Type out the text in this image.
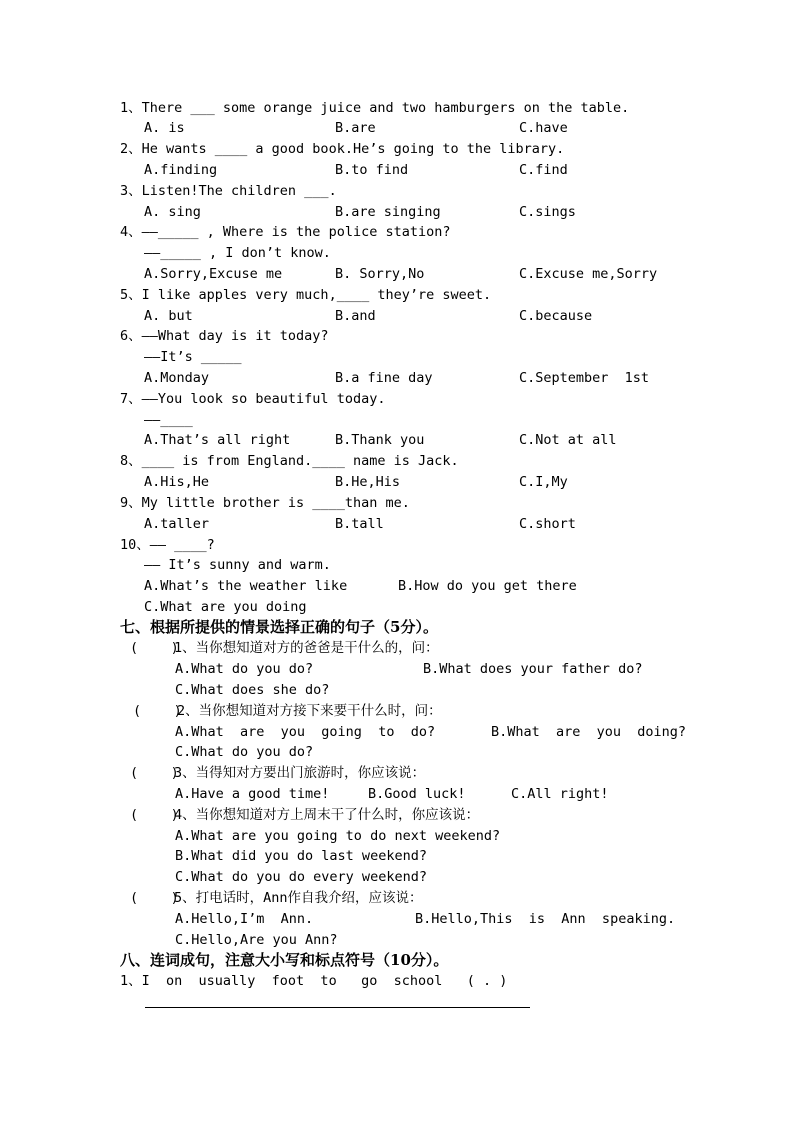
1、There ___ some orange juice and two hamburgers on the table.
A. is	B.are	C.have
2、He wants ____ a good book.He’s going to the library.
A.finding	B.to find	C.find
3、Listen!The children ___.
A. sing	B.are singing	C.sings
4、——_____ , Where is the police station?
——_____ , I don’t know.
A.Sorry,Excuse me	B. Sorry,No	C.Excuse me,Sorry
5、I like apples very much,____ they’re sweet.
A. but	B.and	C.because
6、——What day is it today?
——It’s _____
A.Monday	B.a fine day	C.September  1st
7、——You look so beautiful today.
——____
A.That’s all right	B.Thank you	C.Not at all
8、____ is from England.____ name is Jack.
A.His,He	B.He,His	C.I,My
9、My little brother is ____than me.
A.taller	B.tall	C.short
10、—— ____?
—— It’s sunny and warm.
A.What’s the weather like	B.How do you get there
C.What are you doing
七、根据所提供的情景选择正确的句子（5分）。
(    )
1、当你想知道对方的爸爸是干什么的，问：
A.What do you do?	B.What does your father do?
C.What does she do?
(    )
2、当你想知道对方接下来要干什么时，问：
A.What  are  you  going  to  do?	B.What  are  you  doing?
C.What do you do?
(    )
3、当得知对方要出门旅游时，你应该说：
A.Have a good time!	B.Good luck!	C.All right!
(    )
4、当你想知道对方上周末干了什么时，你应该说：
A.What are you going to do next weekend?
B.What did you do last weekend?
C.What do you do every weekend?
(    )
5、打电话时，Ann作自我介绍，应该说：
A.Hello,I’m  Ann.	B.Hello,This  is  Ann  speaking.
C.Hello,Are you Ann?
八、连词成句，注意大小写和标点符号（10分）。
1、I  on  usually  foot  to   go  school   ( . )
